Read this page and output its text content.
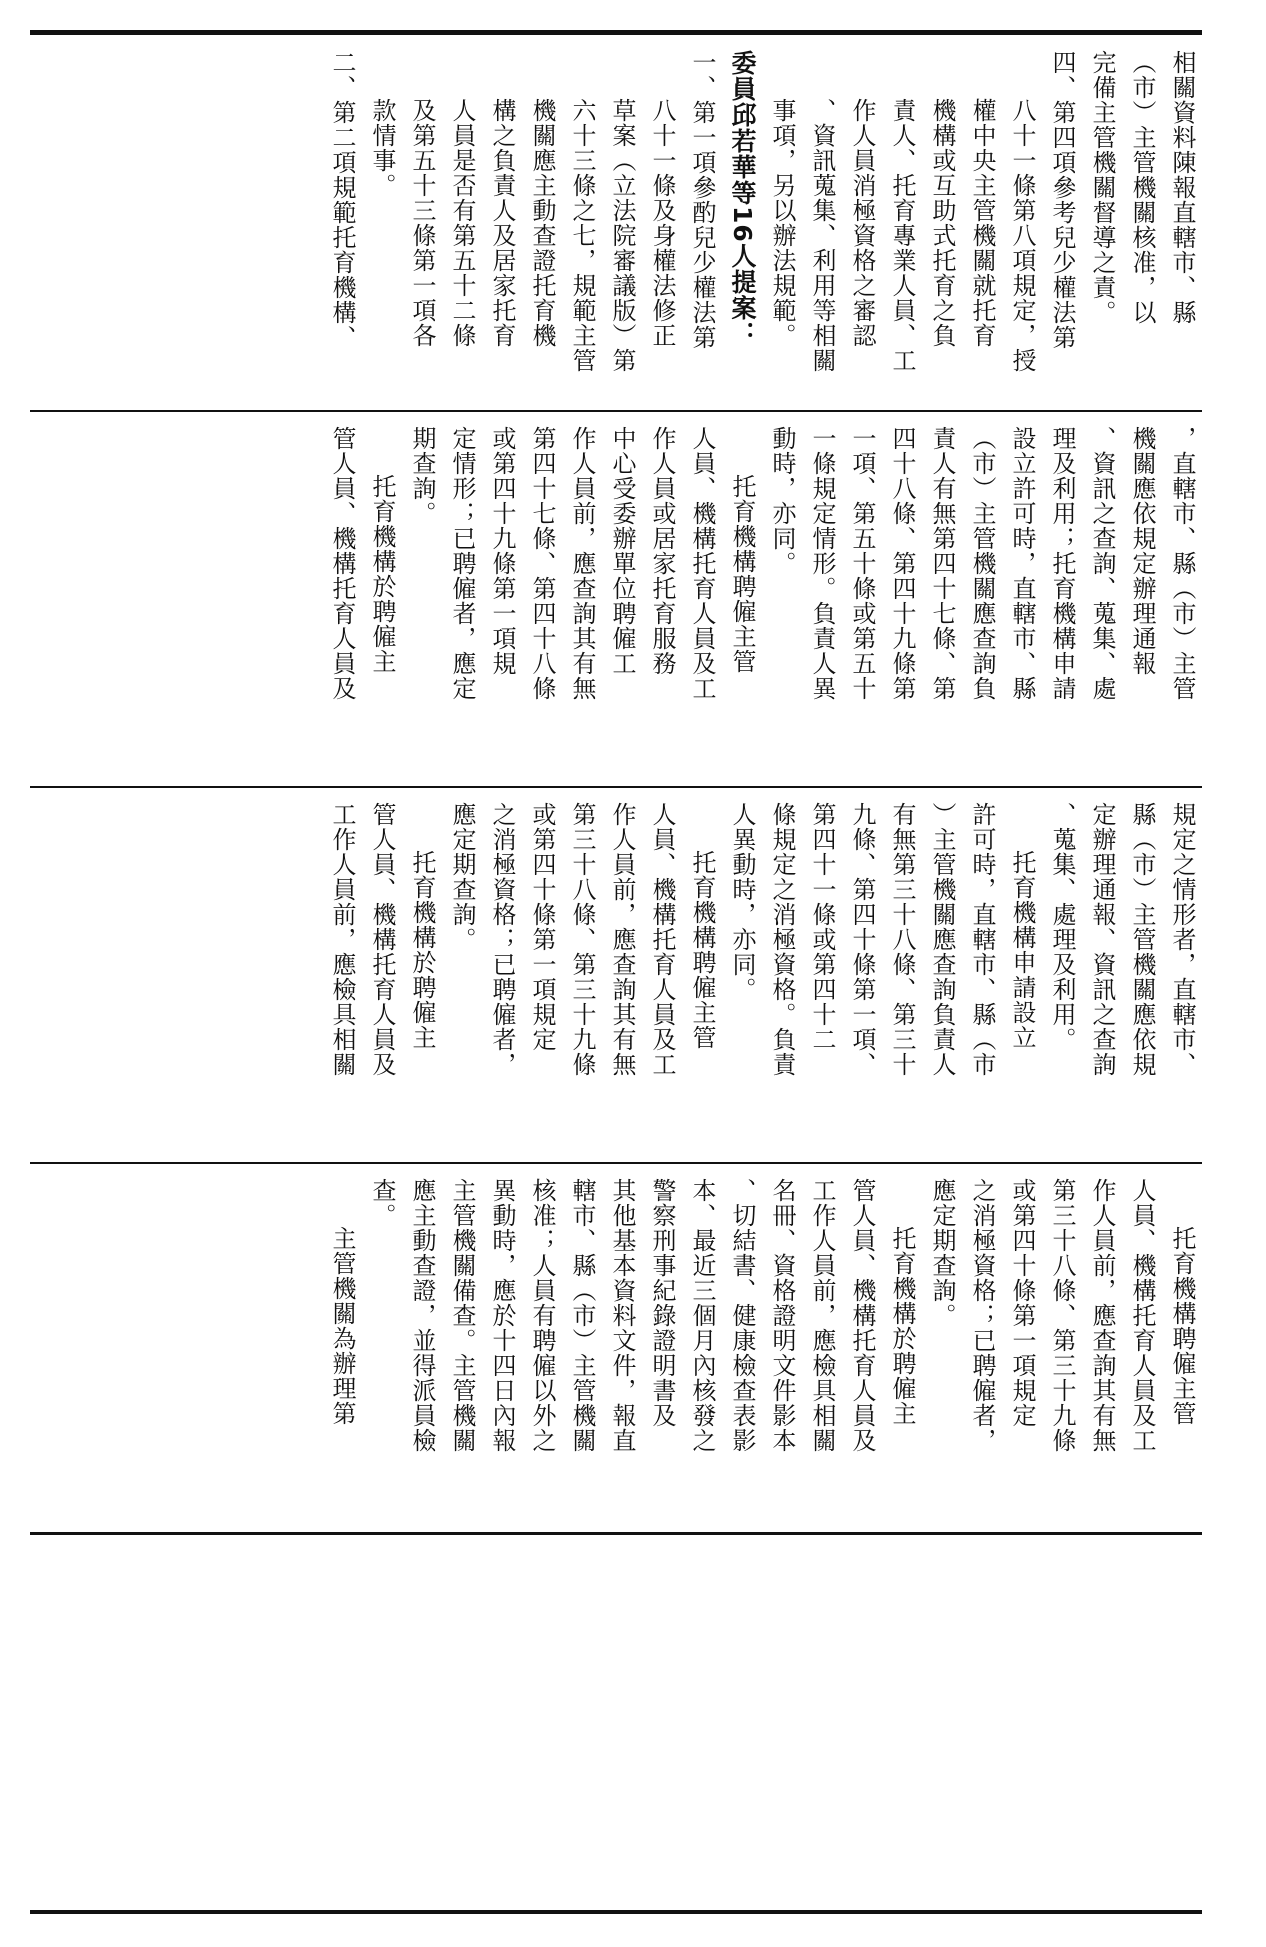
相關資料陳報直轄市、縣

（市）主管機關核准，以

完備主管機關督導之責。

四、第四項參考兒少權法第

八十一條第八項規定，授

權中央主管機關就托育

機構或互助式托育之負

責人、托育專業人員、工

作人員消極資格之審認

、資訊蒐集、利用等相關

事項，另以辦法規範。

委員邱若華等16人提案：

一、第一項參酌兒少權法第

八十一條及身權法修正

草案（立法院審議版）第

六十三條之七，規範主管

機關應主動查證托育機

構之負責人及居家托育

人員是否有第五十二條

及第五十三條第一項各

款情事。

二、第二項規範托育機構、

，直轄市、縣（市）主管

機關應依規定辦理通報

、資訊之查詢、蒐集、處

理及利用；托育機構申請

設立許可時，直轄市、縣

（市）主管機關應查詢負

責人有無第四十七條、第

四十八條、第四十九條第

一項、第五十條或第五十

一條規定情形。負責人異

動時，亦同。

托育機構聘僱主管

人員、機構托育人員及工

作人員或居家托育服務

中心受委辦單位聘僱工

作人員前，應查詢其有無

第四十七條、第四十八條

或第四十九條第一項規

定情形；已聘僱者，應定

期查詢。

托育機構於聘僱主

管人員、機構托育人員及

規定之情形者，直轄市、

縣（市）主管機關應依規

定辦理通報、資訊之查詢

、蒐集、處理及利用。

托育機構申請設立

許可時，直轄市、縣（市

）主管機關應查詢負責人

有無第三十八條、第三十

九條、第四十條第一項、

第四十一條或第四十二

條規定之消極資格。負責

人異動時，亦同。

托育機構聘僱主管

人員、機構托育人員及工

作人員前，應查詢其有無

第三十八條、第三十九條

或第四十條第一項規定

之消極資格；已聘僱者，

應定期查詢。

托育機構於聘僱主

管人員、機構托育人員及

工作人員前，應檢具相關

托育機構聘僱主管

人員、機構托育人員及工

作人員前，應查詢其有無

第三十八條、第三十九條

或第四十條第一項規定

之消極資格；已聘僱者，

應定期查詢。

托育機構於聘僱主

管人員、機構托育人員及

工作人員前，應檢具相關

名冊、資格證明文件影本

、切結書、健康檢查表影

本、最近三個月內核發之

警察刑事紀錄證明書及

其他基本資料文件，報直

轄市、縣（市）主管機關

核准；人員有聘僱以外之

異動時，應於十四日內報

主管機關備查。主管機關

應主動查證，並得派員檢

查。

主管機關為辦理第
